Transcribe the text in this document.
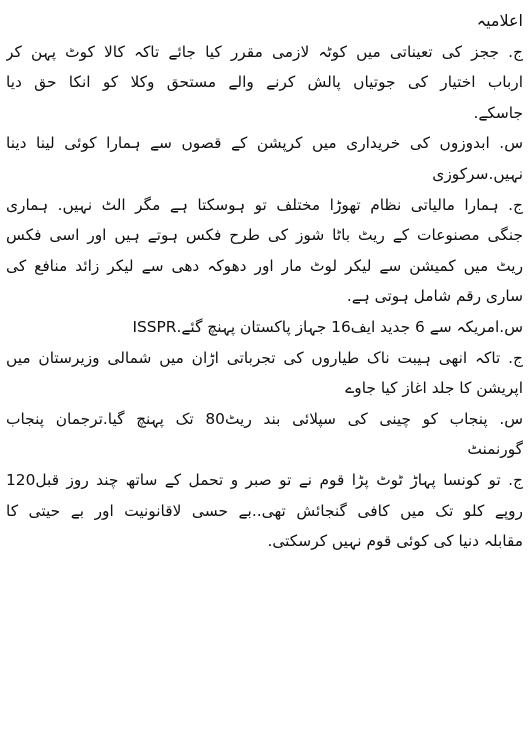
اعلامیہ
ج. ججز کی تعیناتی میں کوٹہ لازمی مقرر کیا جائے تاکہ کالا کوٹ پہن کر
ارباب اختیار کی جوتیاں پالش کرنے والے مستحق وکلا کو انکا حق دیا
جاسکے.
س. ابدوزوں کی خریداری میں کرپشن کے قصوں سے ہمارا کوئی لینا دینا
نہیں.سرکوزی
ج. ہمارا مالیاتی نظام تھوڑا مختلف تو ہوسکتا ہے مگر الٹ نہیں. ہماری
جنگی مصنوعات کے ریٹ باٹا شوز کی طرح فکس ہوتے ہیں اور اسی فکس
ریٹ میں کمیشن سے لیکر لوٹ مار اور دھوکہ دھی سے لیکر زائد منافع کی
ساری رقم شامل ہوتی ہے.
س.امریکہ سے 6 جدید ایف16 جہاز پاکستان پہنچ گئے.ISSPR
ج. تاکہ انھی ہیبت ناک طیاروں کی تجرباتی اڑان میں شمالی وزیرستان میں
اپریشن کا جلد اغاز کیا جاوے
س. پنجاب کو چینی کی سپلائی بند ریٹ80 تک پہنچ گیا.ترجمان پنجاب
گورنمنٹ
ج. تو کونسا پہاڑ ٹوٹ پڑا قوم نے تو صبر و تحمل کے ساتھ چند روز قبل120
روپے کلو تک میں کافی گنجائش تھی..بے حسی لاقانونیت اور بے حیتی کا
مقابلہ دنیا کی کوئی قوم نہیں کرسکتی.
